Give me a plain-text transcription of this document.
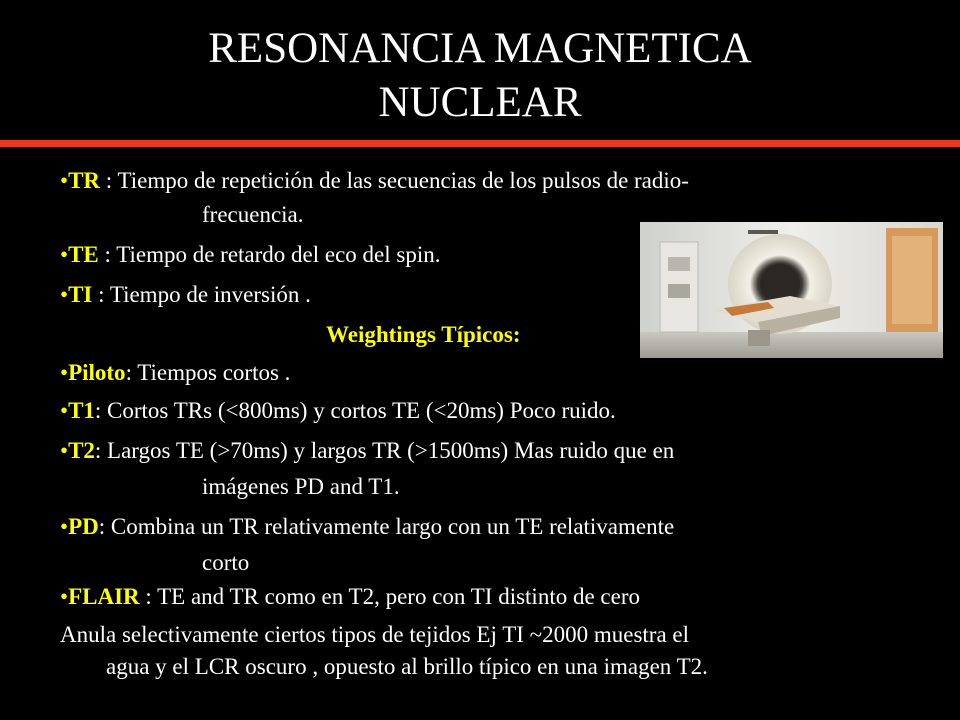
RESONANCIA MAGNETICA
NUCLEAR
•TR : Tiempo de repetición de las secuencias de los pulsos de radio-
frecuencia.
•TE : Tiempo de retardo del eco del spin.
•TI : Tiempo de inversión .
Weightings Típicos:
•Piloto: Tiempos cortos .
•T1: Cortos TRs (<800ms) y cortos TE (<20ms) Poco ruido.
•T2: Largos TE (>70ms) y largos TR (>1500ms) Mas ruido que en
imágenes PD and T1.
•PD: Combina un TR relativamente largo con un TE relativamente
corto
•FLAIR : TE and TR como en T2, pero con TI distinto de cero
Anula selectivamente ciertos tipos de tejidos Ej TI ~2000 muestra el
agua y el LCR oscuro , opuesto al brillo típico en una imagen T2.
